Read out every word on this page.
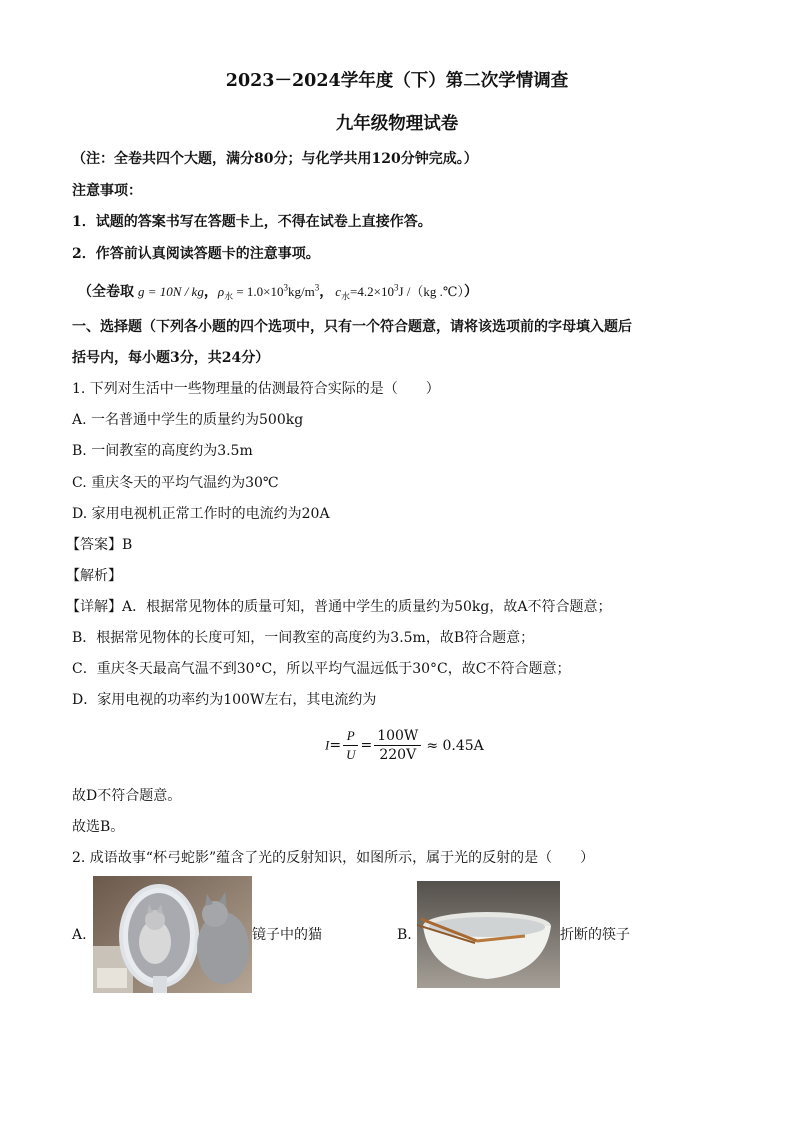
2023－2024学年度（下）第二次学情调查
九年级物理试卷
（注：全卷共四个大题，满分80分；与化学共用120分钟完成。）
注意事项：
1．试题的答案书写在答题卡上，不得在试卷上直接作答。
2．作答前认真阅读答题卡的注意事项。
（全卷取 g = 10N / kg，$\rho_水 = 1.0\times 10^3kg/m^3$， $c_水=4.2\times 10^3J$ /（kg .℃））
一、选择题（下列各小题的四个选项中，只有一个符合题意，请将该选项前的字母填入题后
括号内，每小题3分，共24分）
1. 下列对生活中一些物理量的估测最符合实际的是（　　）
A. 一名普通中学生的质量约为500kg
B. 一间教室的高度约为3.5m
C. 重庆冬天的平均气温约为30℃
D. 家用电视机正常工作时的电流约为20A
【答案】B
【解析】
【详解】A．根据常见物体的质量可知，普通中学生的质量约为50kg，故A不符合题意；
B．根据常见物体的长度可知，一间教室的高度约为3.5m，故B符合题意；
C．重庆冬天最高气温不到30°C，所以平均气温远低于30°C，故C不符合题意；
D．家用电视的功率约为100W左右，其电流约为
$I= \frac{P}{U} = \frac{100W}{220V} \approx 0.45A$
故D不符合题意。
故选B。
2. 成语故事“杯弓蛇影”蕴含了光的反射知识，如图所示，属于光的反射的是（　　）
A.	镜子中的猫	B.	折断的筷子
